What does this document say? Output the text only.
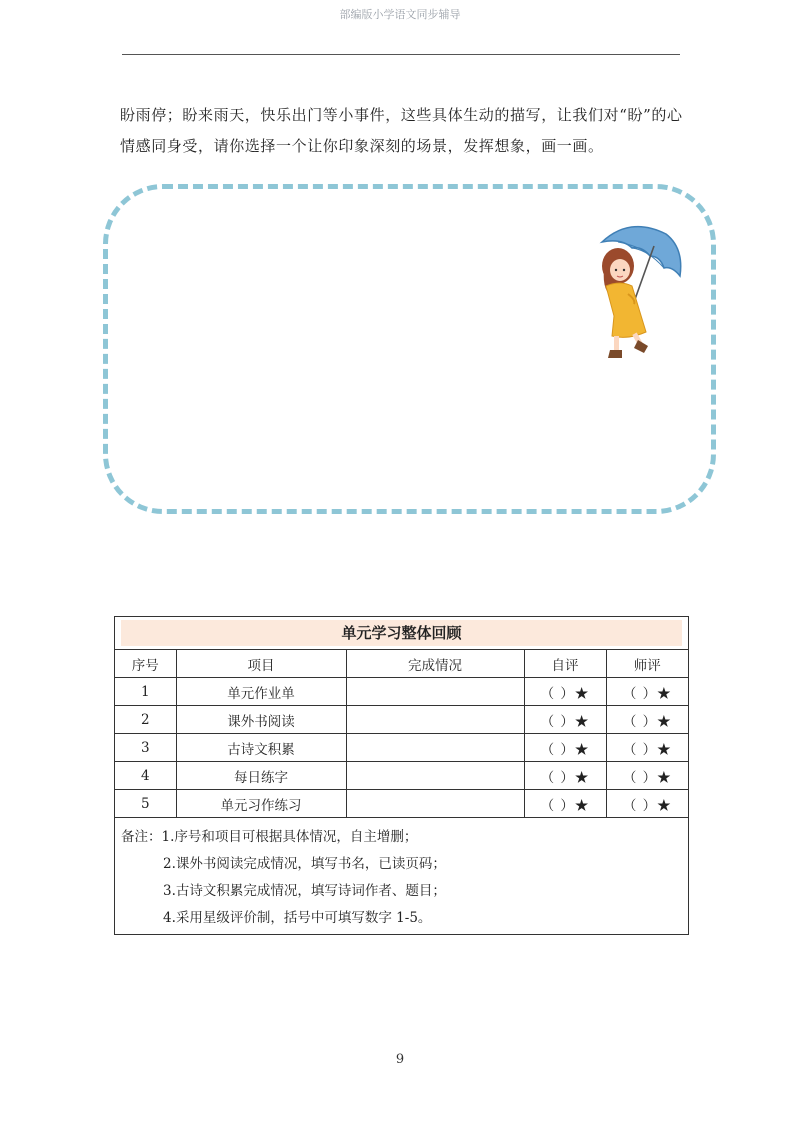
部编版小学语文同步辅导
盼雨停；盼来雨天，快乐出门等小事件，这些具体生动的描写，让我们对“盼”的心情感同身受，请你选择一个让你印象深刻的场景，发挥想象，画一画。
单元学习整体回顾
序号	项目	完成情况	自评	师评
1	单元作业单		（ ）★	（ ）★
2	课外书阅读		（ ）★	（ ）★
3	古诗文积累		（ ）★	（ ）★
4	每日练字		（ ）★	（ ）★
5	单元习作练习		（ ）★	（ ）★
备注：1.序号和项目可根据具体情况，自主增删；
2.课外书阅读完成情况，填写书名，已读页码；
3.古诗文积累完成情况，填写诗词作者、题目；
4.采用星级评价制，括号中可填写数字 1-5。
9
